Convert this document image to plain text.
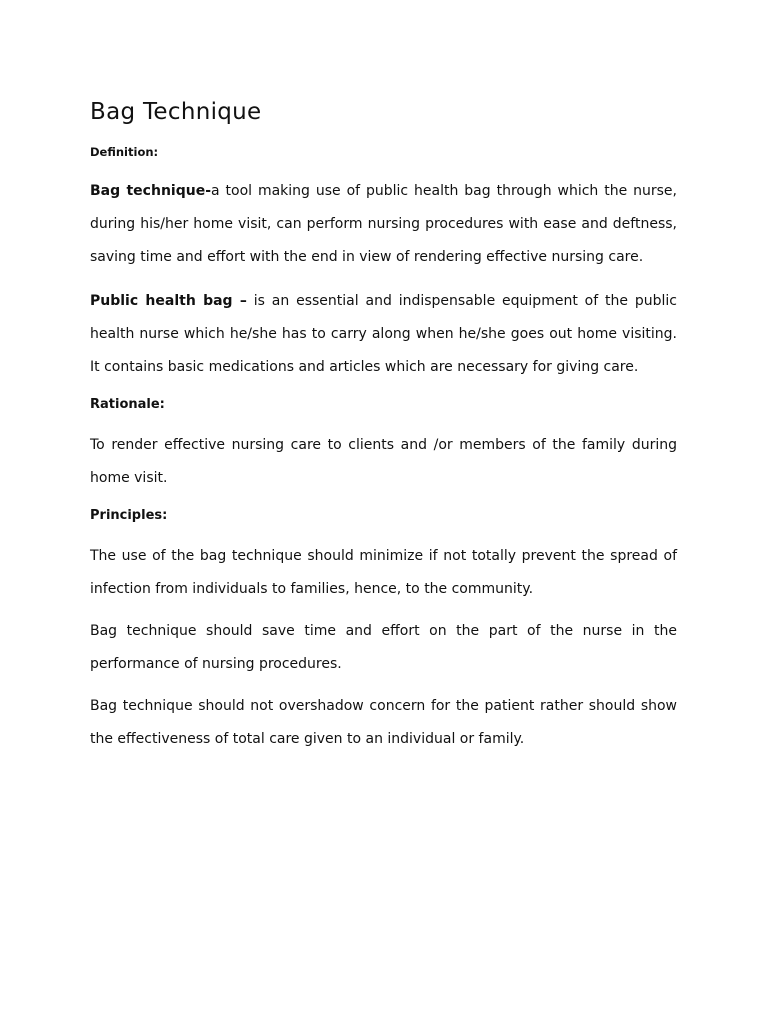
Bag Technique
Definition:

Bag technique-a tool making use of public health bag through which the nurse, during his/her home visit, can perform nursing procedures with ease and deftness, saving time and effort with the end in view of rendering effective nursing care.

Public health bag – is an essential and indispensable equipment of the public health nurse which he/she has to carry along when he/she goes out home visiting. It contains basic medications and articles which are necessary for giving care.

Rationale:

To render effective nursing care to clients and /or members of the family during home visit.

Principles:

The use of the bag technique should minimize if not totally prevent the spread of infection from individuals to families, hence, to the community.

Bag technique should save time and effort on the part of the nurse in the performance of nursing procedures.

Bag technique should not overshadow concern for the patient rather should show the effectiveness of total care given to an individual or family.
